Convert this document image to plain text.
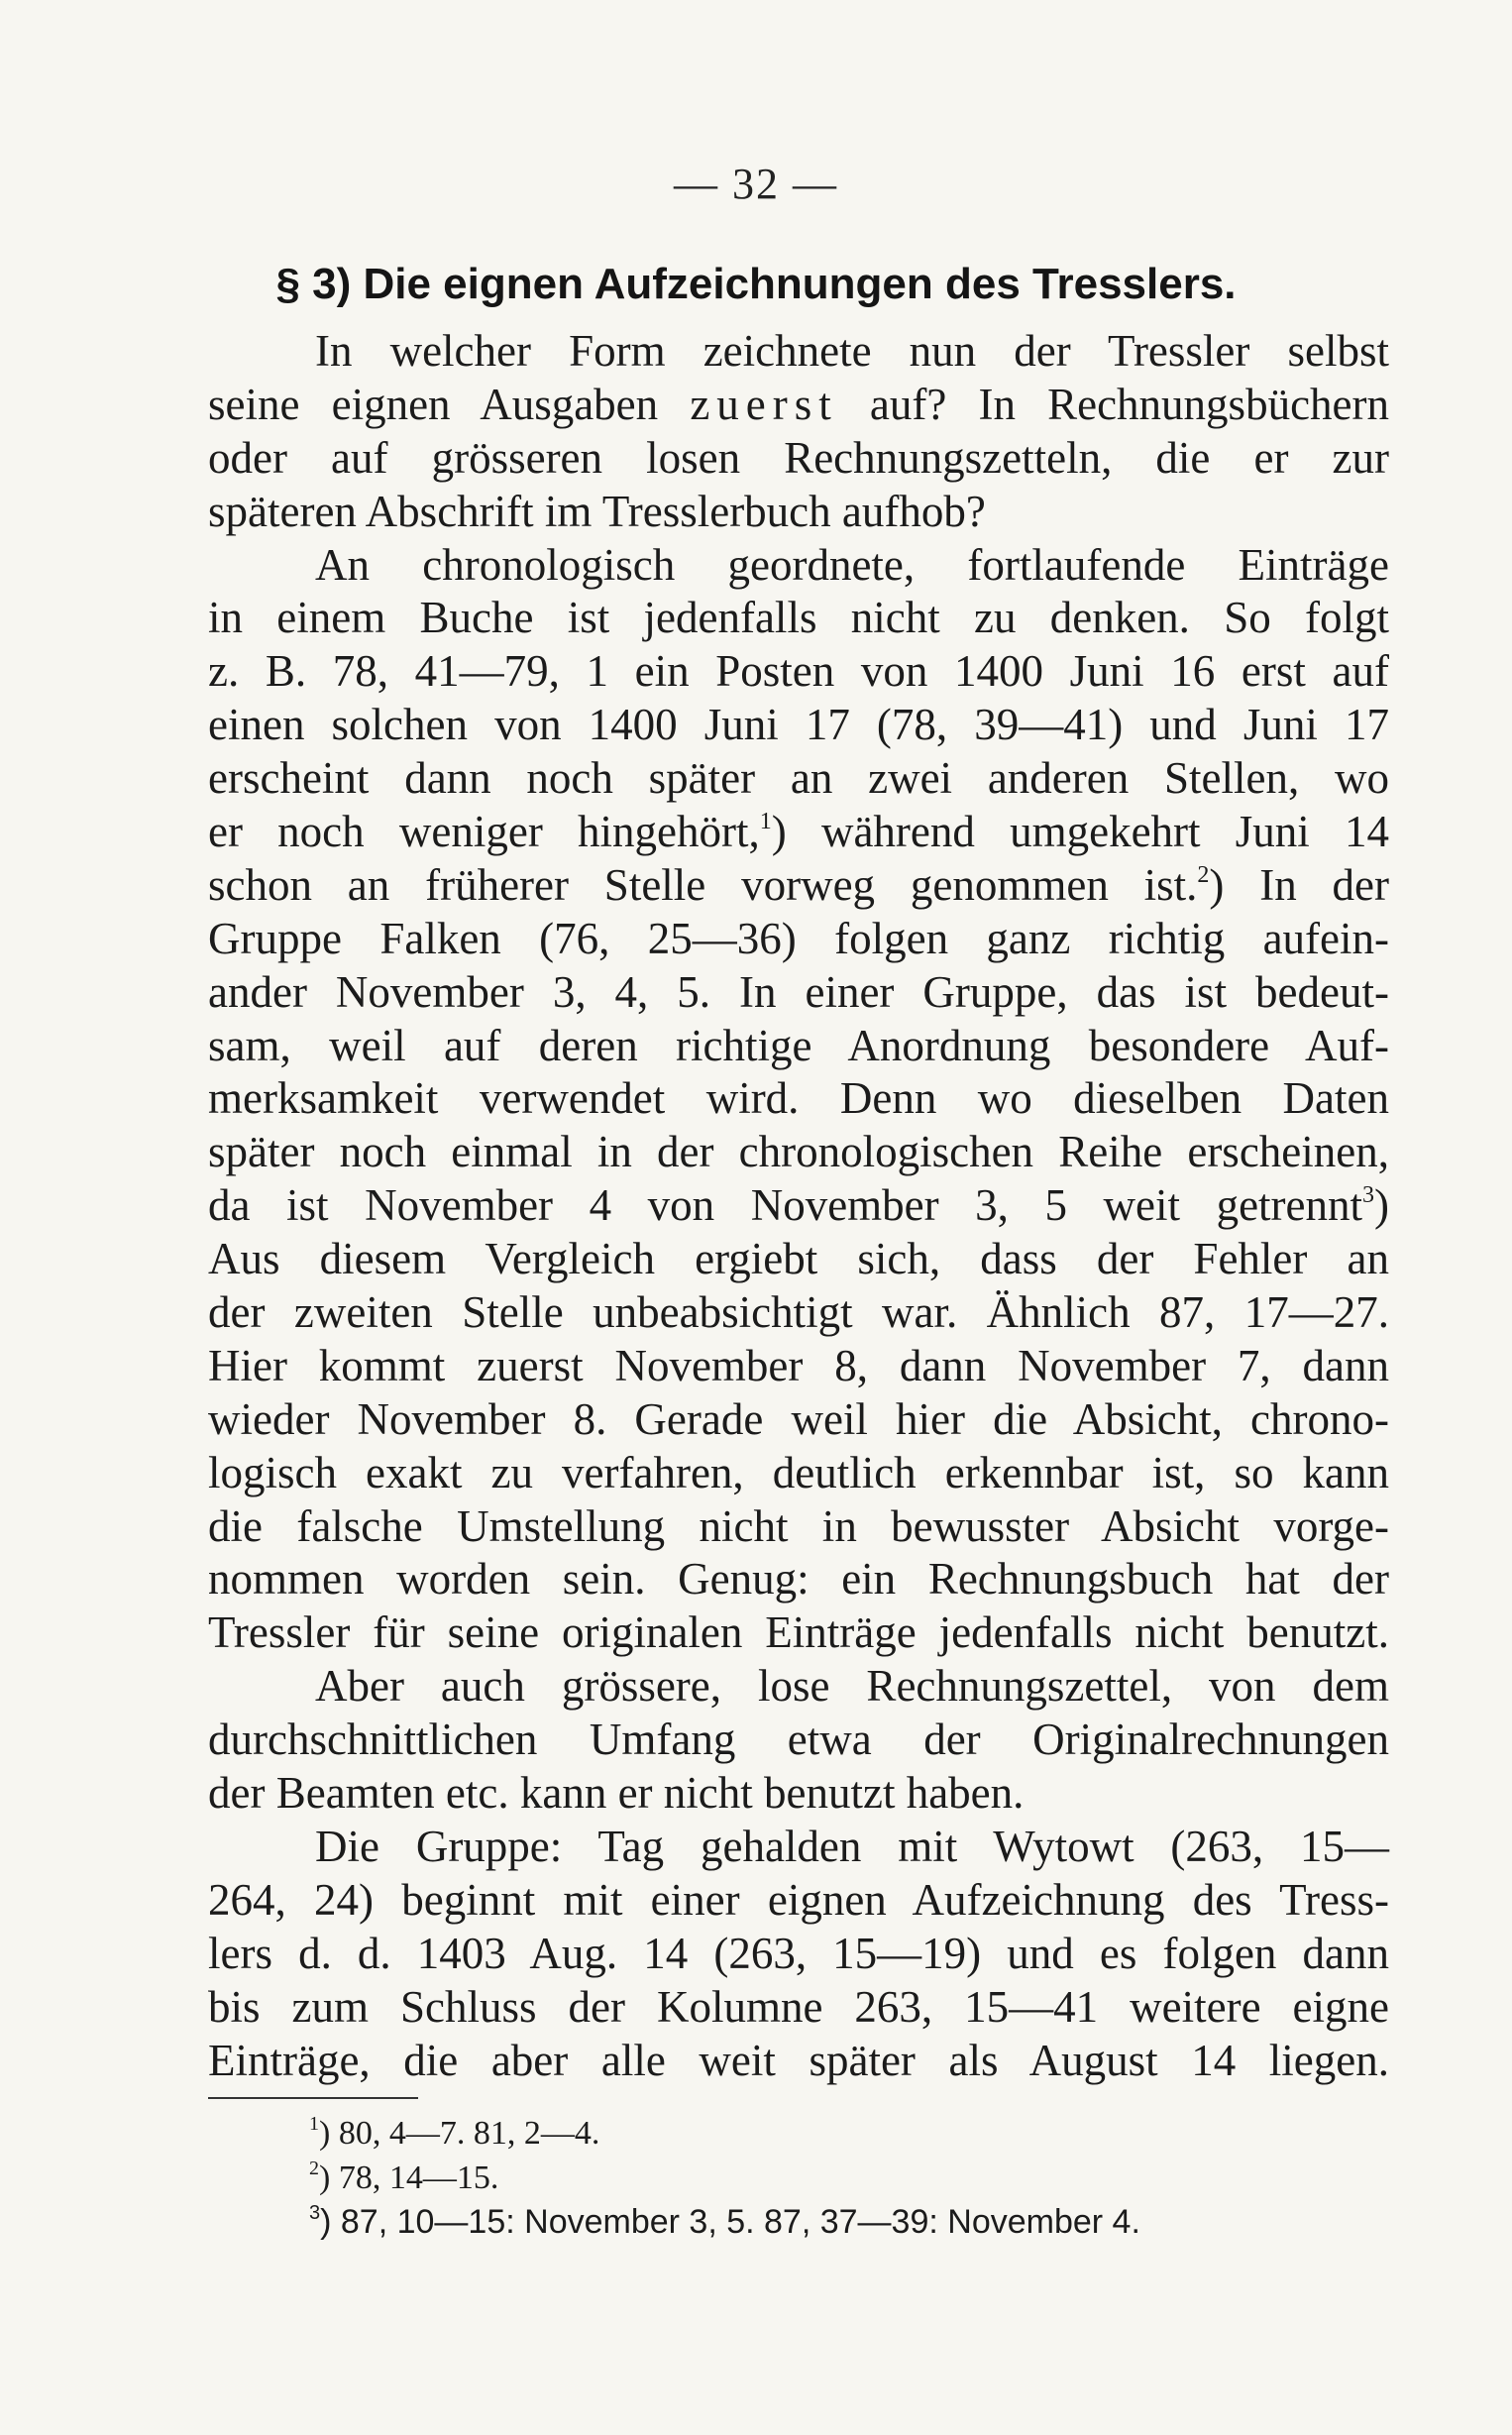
— 32 —
§ 3) Die eignen Aufzeichnungen des Tresslers.
In welcher Form zeichnete nun der Tressler selbst
seine eignen Ausgaben zuerst auf? In Rechnungsbüchern
oder auf grösseren losen Rechnungszetteln, die er zur
späteren Abschrift im Tresslerbuch aufhob?
An chronologisch geordnete, fortlaufende Einträge
in einem Buche ist jedenfalls nicht zu denken. So folgt
z. B. 78, 41—79, 1 ein Posten von 1400 Juni 16 erst auf
einen solchen von 1400 Juni 17 (78, 39—41) und Juni 17
erscheint dann noch später an zwei anderen Stellen, wo
er noch weniger hingehört,$^1$) während umgekehrt Juni 14
schon an früherer Stelle vorweg genommen ist.$^2$) In der
Gruppe Falken (76, 25—36) folgen ganz richtig aufein-
ander November 3, 4, 5. In einer Gruppe, das ist bedeut-
sam, weil auf deren richtige Anordnung besondere Auf-
merksamkeit verwendet wird. Denn wo dieselben Daten
später noch einmal in der chronologischen Reihe erscheinen,
da ist November 4 von November 3, 5 weit getrennt$^3$)
Aus diesem Vergleich ergiebt sich, dass der Fehler an
der zweiten Stelle unbeabsichtigt war. Ähnlich 87, 17—27.
Hier kommt zuerst November 8, dann November 7, dann
wieder November 8. Gerade weil hier die Absicht, chrono-
logisch exakt zu verfahren, deutlich erkennbar ist, so kann
die falsche Umstellung nicht in bewusster Absicht vorge-
nommen worden sein. Genug: ein Rechnungsbuch hat der
Tressler für seine originalen Einträge jedenfalls nicht benutzt.
Aber auch grössere, lose Rechnungszettel, von dem
durchschnittlichen Umfang etwa der Originalrechnungen
der Beamten etc. kann er nicht benutzt haben.
Die Gruppe: Tag gehalden mit Wytowt (263, 15—
264, 24) beginnt mit einer eignen Aufzeichnung des Tress-
lers d. d. 1403 Aug. 14 (263, 15—19) und es folgen dann
bis zum Schluss der Kolumne 263, 15—41 weitere eigne
Einträge, die aber alle weit später als August 14 liegen.
$^1$) 80, 4—7. 81, 2—4.
$^2$) 78, 14—15.
$^3$) 87, 10—15: November 3, 5. 87, 37—39: November 4.
